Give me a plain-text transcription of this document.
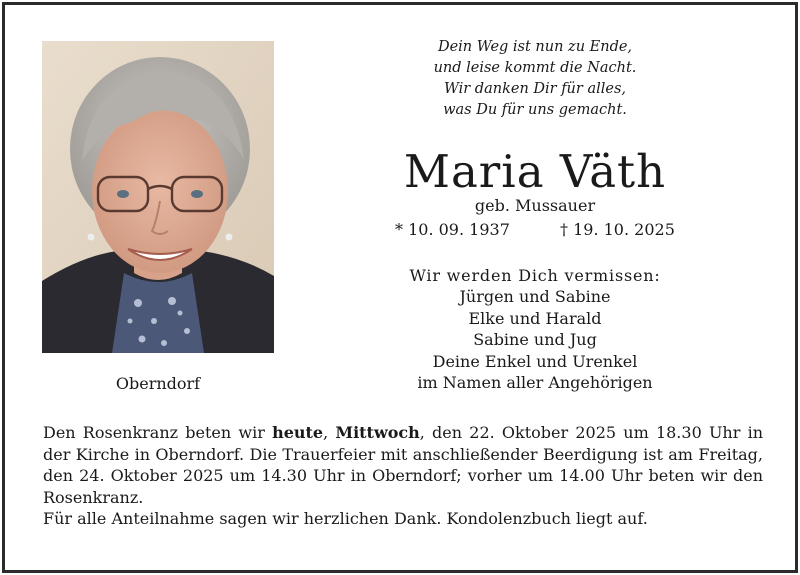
Oberndorf
Dein Weg ist nun zu Ende,
und leise kommt die Nacht.
Wir danken Dir für alles,
was Du für uns gemacht.
Maria Väth
geb. Mussauer
* 10. 09. 1937	† 19. 10. 2025
Wir werden Dich vermissen:
Jürgen und Sabine
Elke und Harald
Sabine und Jug
Deine Enkel und Urenkel
im Namen aller Angehörigen

Den Rosenkranz beten wir heute, Mittwoch, den 22. Oktober 2025 um 18.30 Uhr in der Kirche in Oberndorf. Die Trauerfeier mit anschließender Beerdigung ist am Freitag, den 24. Oktober 2025 um 14.30 Uhr in Oberndorf; vorher um 14.00 Uhr beten wir den Rosenkranz.

Für alle Anteilnahme sagen wir herzlichen Dank. Kondolenzbuch liegt auf.
